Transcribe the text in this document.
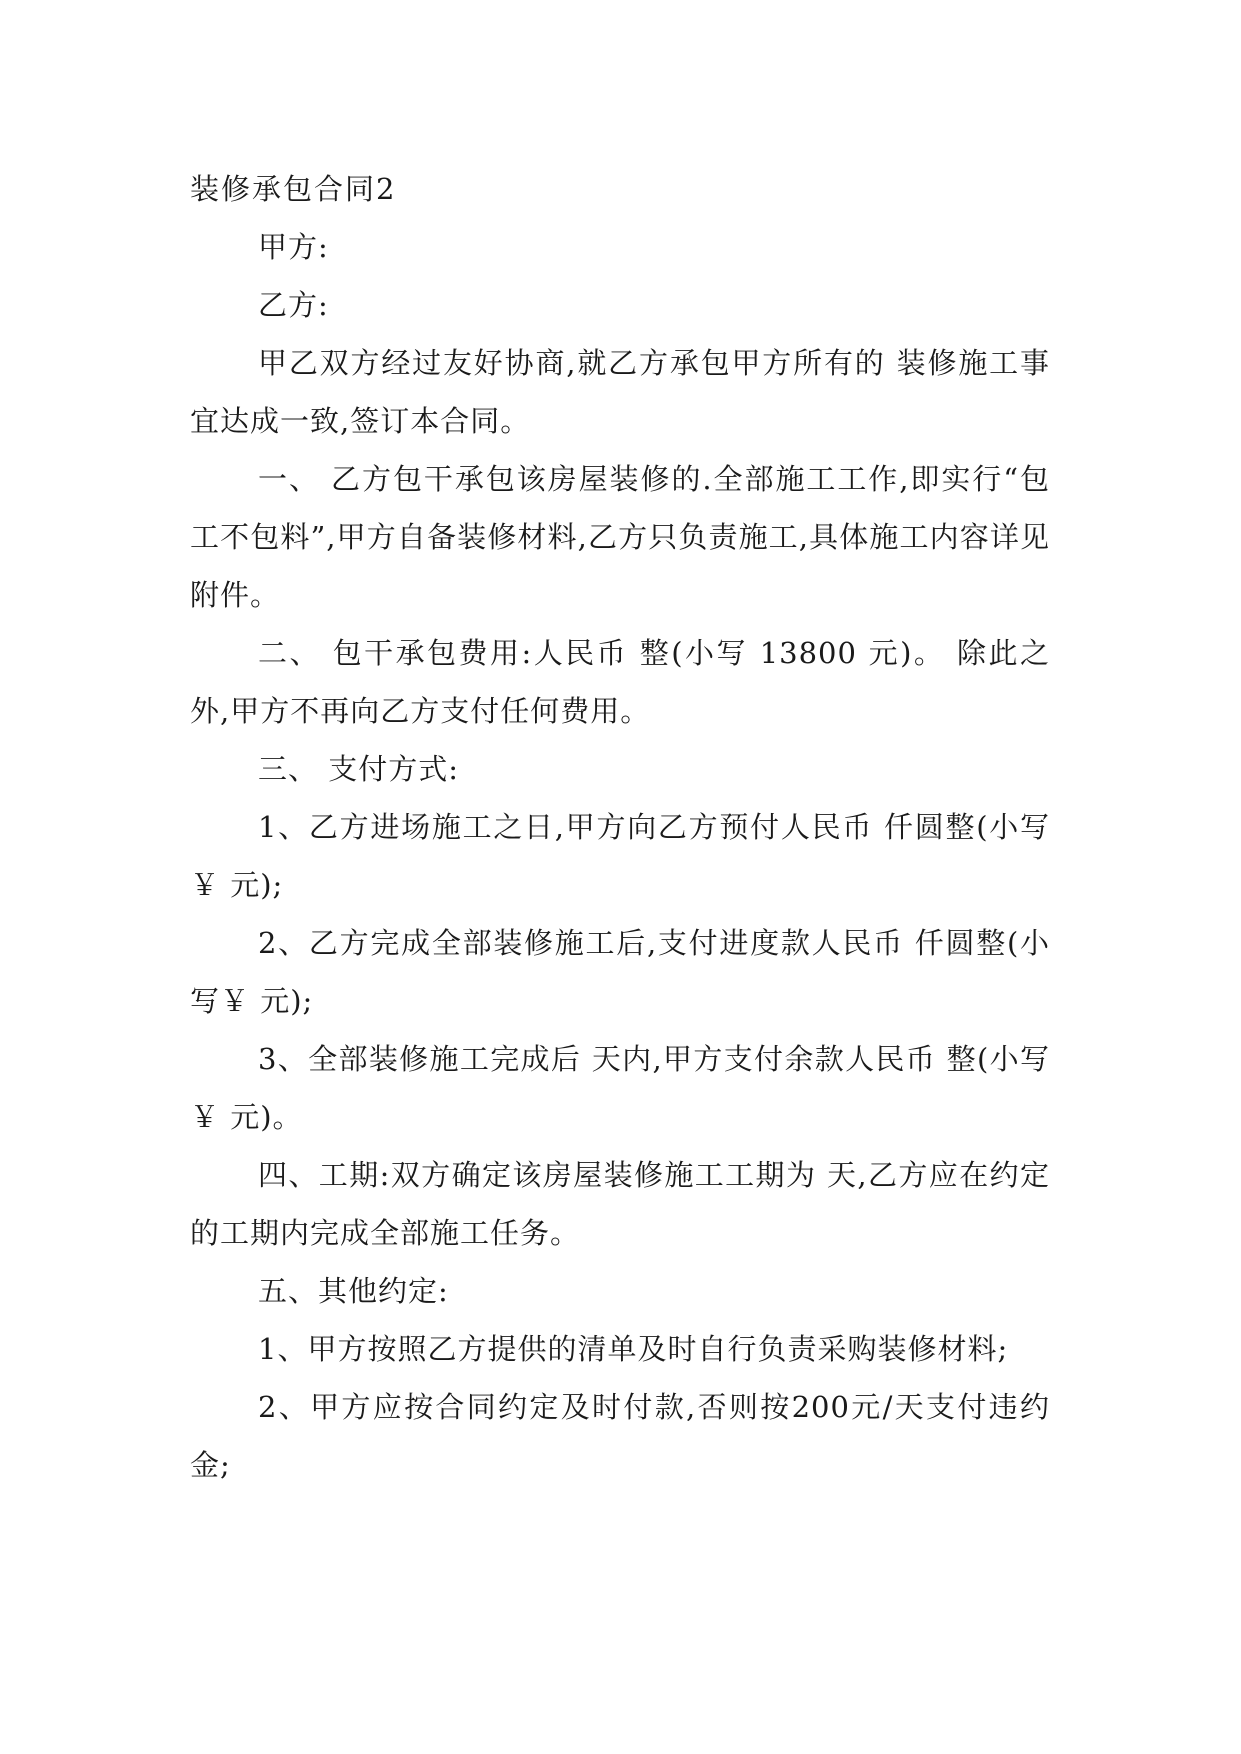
装修承包合同2

甲方:

乙方:

甲乙双方经过友好协商,就乙方承包甲方所有的 装修施工事宜达成一致,签订本合同。

一、 乙方包干承包该房屋装修的.全部施工工作,即实行“包工不包料”,甲方自备装修材料,乙方只负责施工,具体施工内容详见附件。

二、 包干承包费用:人民币 整(小写 13800 元)。 除此之外,甲方不再向乙方支付任何费用。

三、 支付方式:

1、乙方进场施工之日,甲方向乙方预付人民币 仟圆整(小写￥ 元);

2、乙方完成全部装修施工后,支付进度款人民币 仟圆整(小写￥ 元);

3、全部装修施工完成后 天内,甲方支付余款人民币 整(小写￥ 元)。

四、工期:双方确定该房屋装修施工工期为 天,乙方应在约定的工期内完成全部施工任务。

五、其他约定:

1、甲方按照乙方提供的清单及时自行负责采购装修材料;

2、甲方应按合同约定及时付款,否则按200元/天支付违约金;
